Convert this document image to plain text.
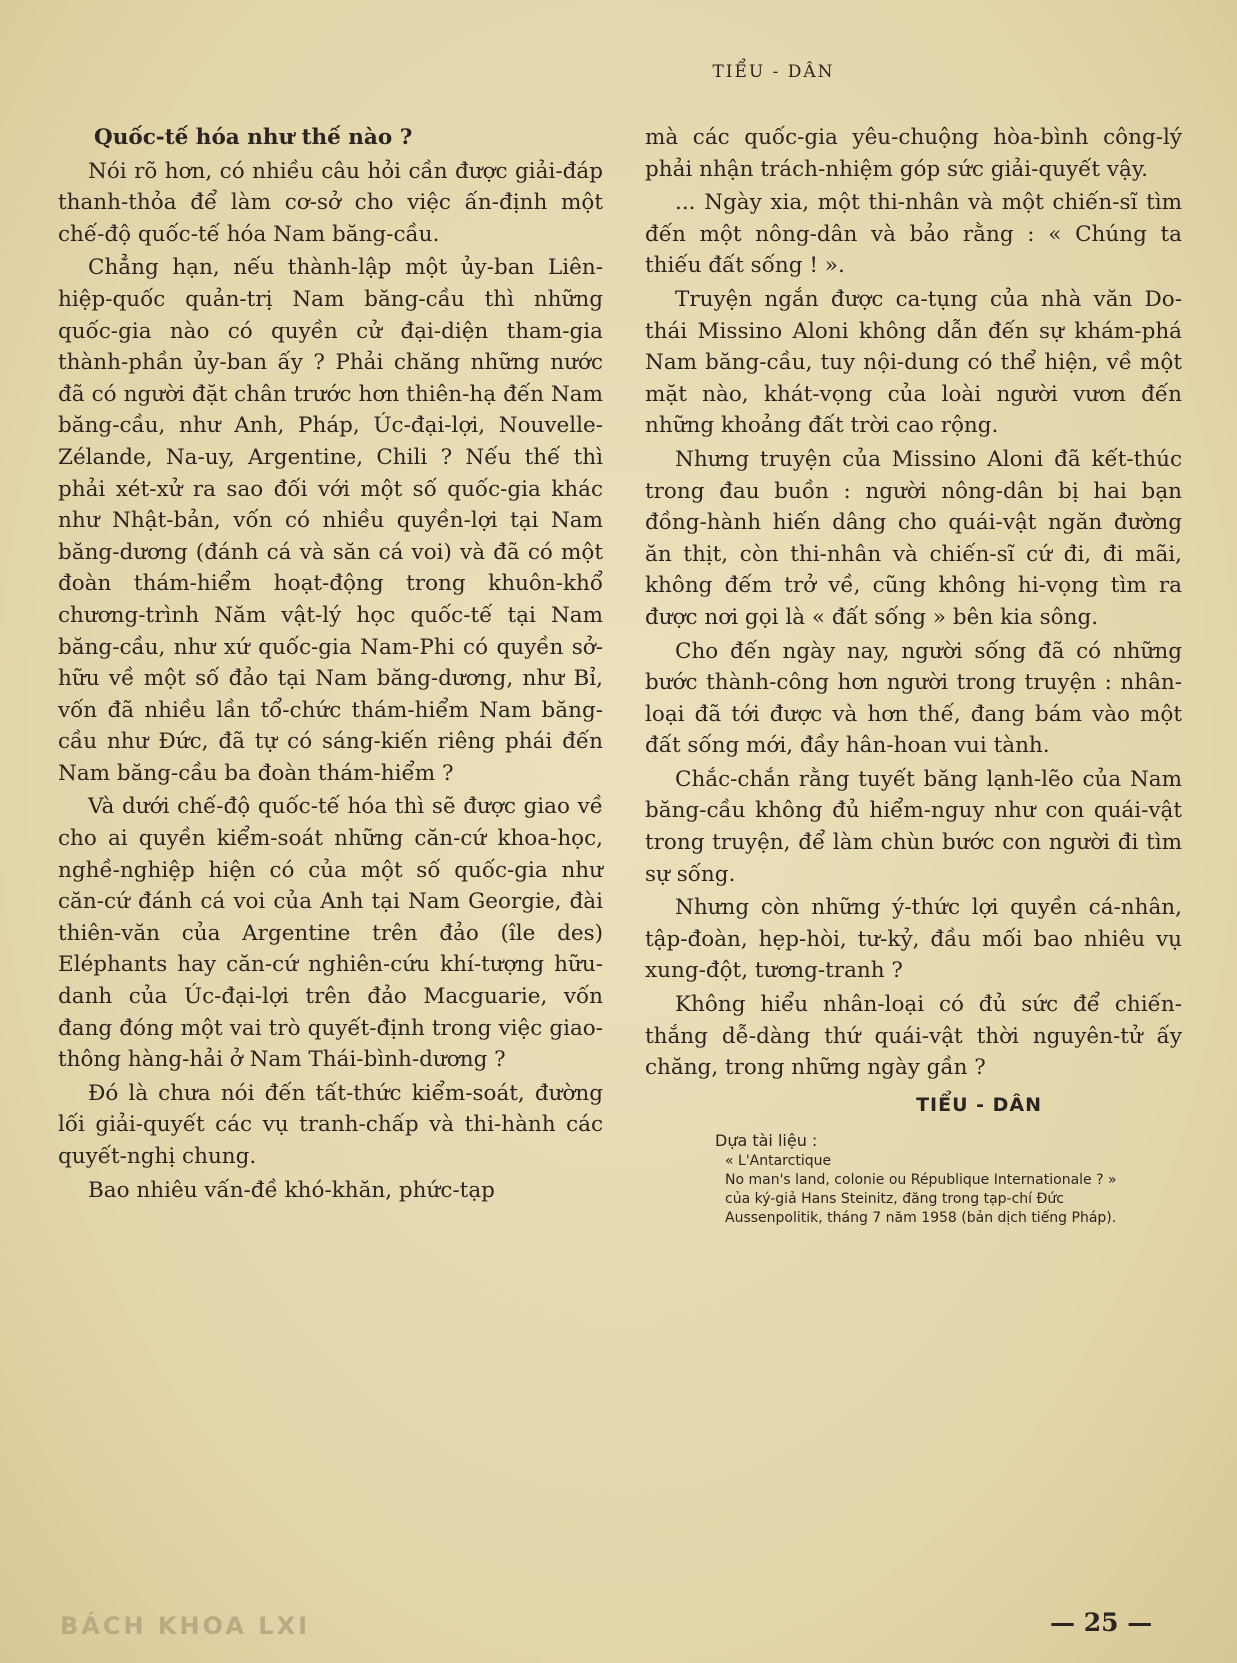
TIỂU - DÂN

Quốc-tế hóa như thế nào ?

Nói rõ hơn, có nhiều câu hỏi cần được giải-đáp thanh-thỏa để làm cơ-sở cho việc ấn-định một chế-độ quốc-tế hóa Nam băng-cầu.

Chẳng hạn, nếu thành-lập một ủy-ban Liên-hiệp-quốc quản-trị Nam băng-cầu thì những quốc-gia nào có quyền cử đại-diện tham-gia thành-phần ủy-ban ấy ? Phải chăng những nước đã có người đặt chân trước hơn thiên-hạ đến Nam băng-cầu, như Anh, Pháp, Úc-đại-lợi, Nouvelle-Zélande, Na-uy, Argentine, Chili ? Nếu thế thì phải xét-xử ra sao đối với một số quốc-gia khác như Nhật-bản, vốn có nhiều quyền-lợi tại Nam băng-dương (đánh cá và săn cá voi) và đã có một đoàn thám-hiểm hoạt-động trong khuôn-khổ chương-trình Năm vật-lý học quốc-tế tại Nam băng-cầu, như xứ quốc-gia Nam-Phi có quyền sở-hữu về một số đảo tại Nam băng-dương, như Bỉ, vốn đã nhiều lần tổ-chức thám-hiểm Nam băng-cầu như Đức, đã tự có sáng-kiến riêng phái đến Nam băng-cầu ba đoàn thám-hiểm ?

Và dưới chế-độ quốc-tế hóa thì sẽ được giao về cho ai quyền kiểm-soát những căn-cứ khoa-học, nghề-nghiệp hiện có của một số quốc-gia như căn-cứ đánh cá voi của Anh tại Nam Georgie, đài thiên-văn của Argentine trên đảo (île des) Eléphants hay căn-cứ nghiên-cứu khí-tượng hữu-danh của Úc-đại-lợi trên đảo Macguarie, vốn đang đóng một vai trò quyết-định trong việc giao-thông hàng-hải ở Nam Thái-bình-dương ?

Đó là chưa nói đến tất-thức kiểm-soát, đường lối giải-quyết các vụ tranh-chấp và thi-hành các quyết-nghị chung.

Bao nhiêu vấn-đề khó-khăn, phức-tạp

mà các quốc-gia yêu-chuộng hòa-bình công-lý phải nhận trách-nhiệm góp sức giải-quyết vậy.

... Ngày xia, một thi-nhân và một chiến-sĩ tìm đến một nông-dân và bảo rằng : « Chúng ta thiếu đất sống ! ».

Truyện ngắn được ca-tụng của nhà văn Do-thái Missino Aloni không dẫn đến sự khám-phá Nam băng-cầu, tuy nội-dung có thể hiện, về một mặt nào, khát-vọng của loài người vươn đến những khoảng đất trời cao rộng.

Nhưng truyện của Missino Aloni đã kết-thúc trong đau buồn : người nông-dân bị hai bạn đồng-hành hiến dâng cho quái-vật ngăn đường ăn thịt, còn thi-nhân và chiến-sĩ cứ đi, đi mãi, không đếm trở về, cũng không hi-vọng tìm ra được nơi gọi là « đất sống » bên kia sông.

Cho đến ngày nay, người sống đã có những bước thành-công hơn người trong truyện : nhân-loại đã tới được và hơn thế, đang bám vào một đất sống mới, đầy hân-hoan vui tành.

Chắc-chắn rằng tuyết băng lạnh-lẽo của Nam băng-cầu không đủ hiểm-nguy như con quái-vật trong truyện, để làm chùn bước con người đi tìm sự sống.

Nhưng còn những ý-thức lợi quyền cá-nhân, tập-đoàn, hẹp-hòi, tư-kỷ, đầu mối bao nhiêu vụ xung-đột, tương-tranh ?

Không hiểu nhân-loại có đủ sức để chiến-thắng dễ-dàng thứ quái-vật thời nguyên-tử ấy chăng, trong những ngày gần ?

TIỂU - DÂN
Dựa tài liệu :
« L'Antarctique
No man's land, colonie ou République Internationale ? »
của ký-giả Hans Steinitz, đăng trong tạp-chí Đức Aussenpolitik, tháng 7 năm 1958 (bản dịch tiếng Pháp).
BÁCH KHOA LXI	— 25 —
